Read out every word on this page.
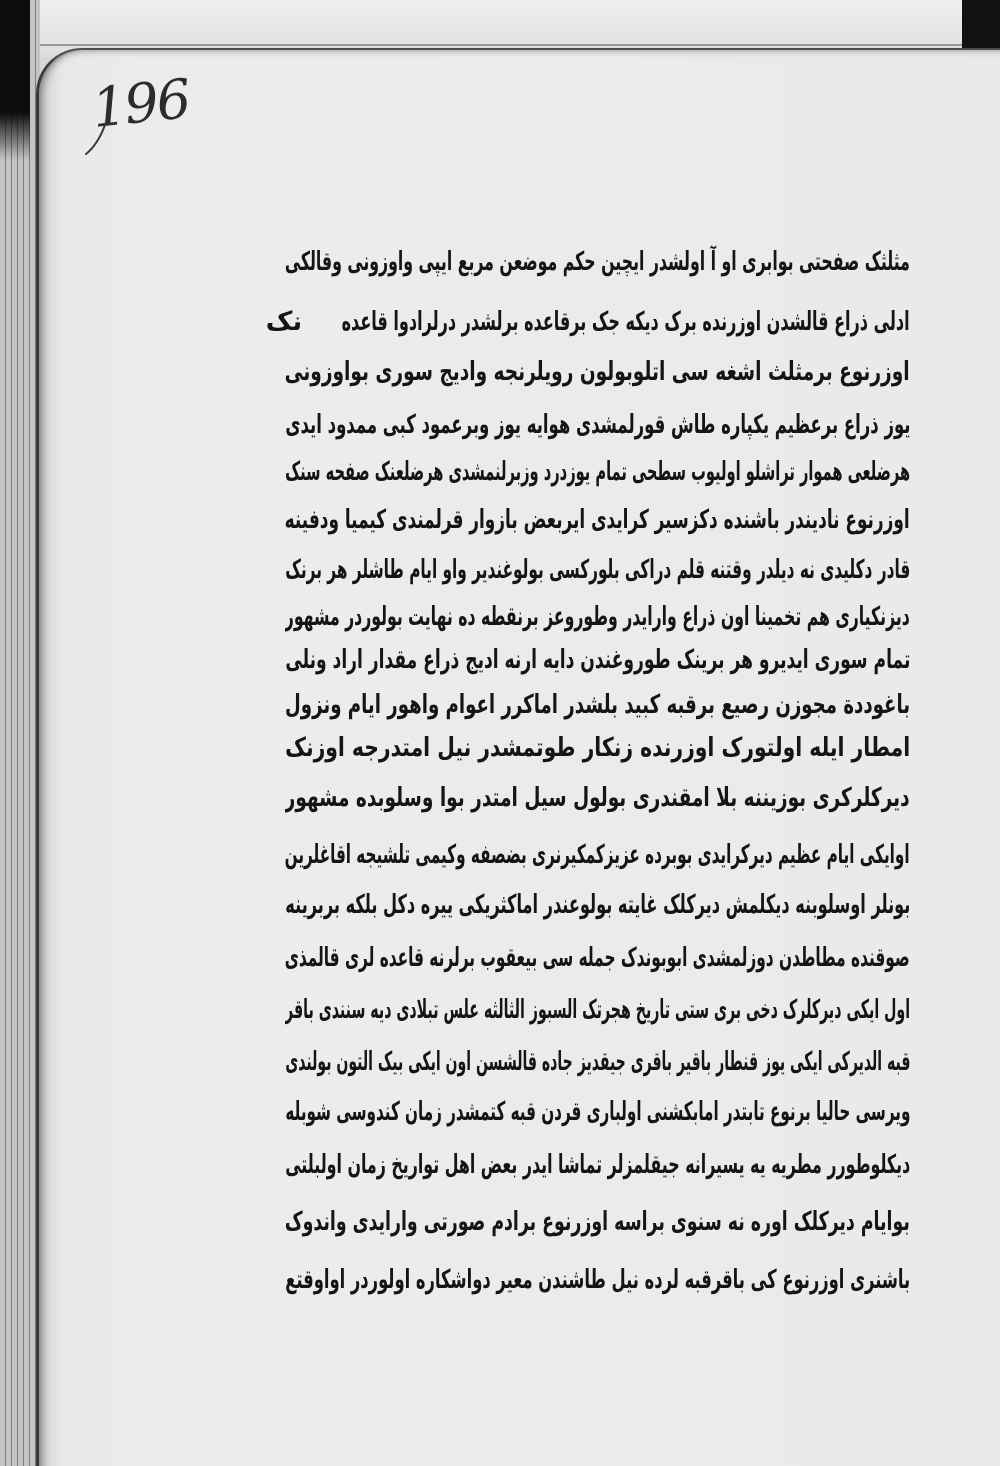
196
مثلثک صفحتی بوابری او آ اولشدر ایچین حکم موضعن مربع ایپی واوزونی وقالکی
ادلی ذراع قالشدن اوزرنده برک دیکه جک برقاعده برلشدر درلرادوا قاعده
نک
اوزرنوع برمثلث اشغه سی اتلوبولون رویلرنجه وادیج سوری بواوزونی
یوز ذراع برعظیم یکپاره طاش قورلمشدی هوایه یوز وبرعمود کبی ممدود ایدی
هرضلعی هموار تراشلو اولیوب سطحی تمام یوزدرد وزبرلنمشدی هرضلعنک صفحه سنک
اوزرنوع نادیندر باشنده دکزسیر کرایدی ایربعض بازوار قرلمندی کیمیا ودفینه
قادر دکلیدی نه دیلدر وقتنه قلم دراکی بلورکسی بولوغندیر واو ایام طاشلر هر برنک
دیزنکیاری هم تخمینا اون ذراع وارایدر وطوروعز برنقطه ده نهایت بولوردر مشهور
تمام سوری ایدیرو هر برینک طوروغندن دایه ارنه ادیج ذراع مقدار اراد ونلی
باغوددة مجوزن رصیع برقبه کبید بلشدر اماکرر اعوام واهور ایام ونزول
امطار ایله اولتورک اوزرنده زنکار طوتمشدر نیل امتدرجه اوزنک
دیرکلرکری بوزیننه بلا امقندری بولول سیل امتدر بوا وسلوبده مشهور
اوایکی ایام عظیم دیرکرایدی بوبرده عزیزکمکیرنری بضصفه وکیمی تلشیجه اقاغلرین
بونلر اوسلوبنه دیکلمش دیرکلک غایته بولوعندر اماکثریکی ییره دکل بلکه بربرینه
صوقنده مطاطدن دوزلمشدی ابوبوندک جمله سی بیعقوب برلرنه قاعده لری قالمذی
اول ایکی دیرکلرک دخی بری ستی تاریخ هجرتک السبوز الثالثه علس تبلادی دیه سنندی باقر
قبه الدیرکی ایکی یوز قنطار باقیر باقری جیقدیز جاده قالشسن اون ایکی بیک التون بولندی
ویرسی حالیا برنوع تابتدر امابکشنی اولباری قردن قبه کتمشدر زمان کندوسی شوبله
دیکلوطورر مطریه یه یسیرانه جیقلمزلر تماشا ایدر بعض اهل تواریخ زمان اولبلتی
بوایام دیرکلک اوره نه سنوی براسه اوزرنوع برادم صورتی وارایدی واندوک
باشنری اوزرنوع کی باقرقبه لرده نیل طاشندن معیر دواشکاره اولوردر اواوقتع
